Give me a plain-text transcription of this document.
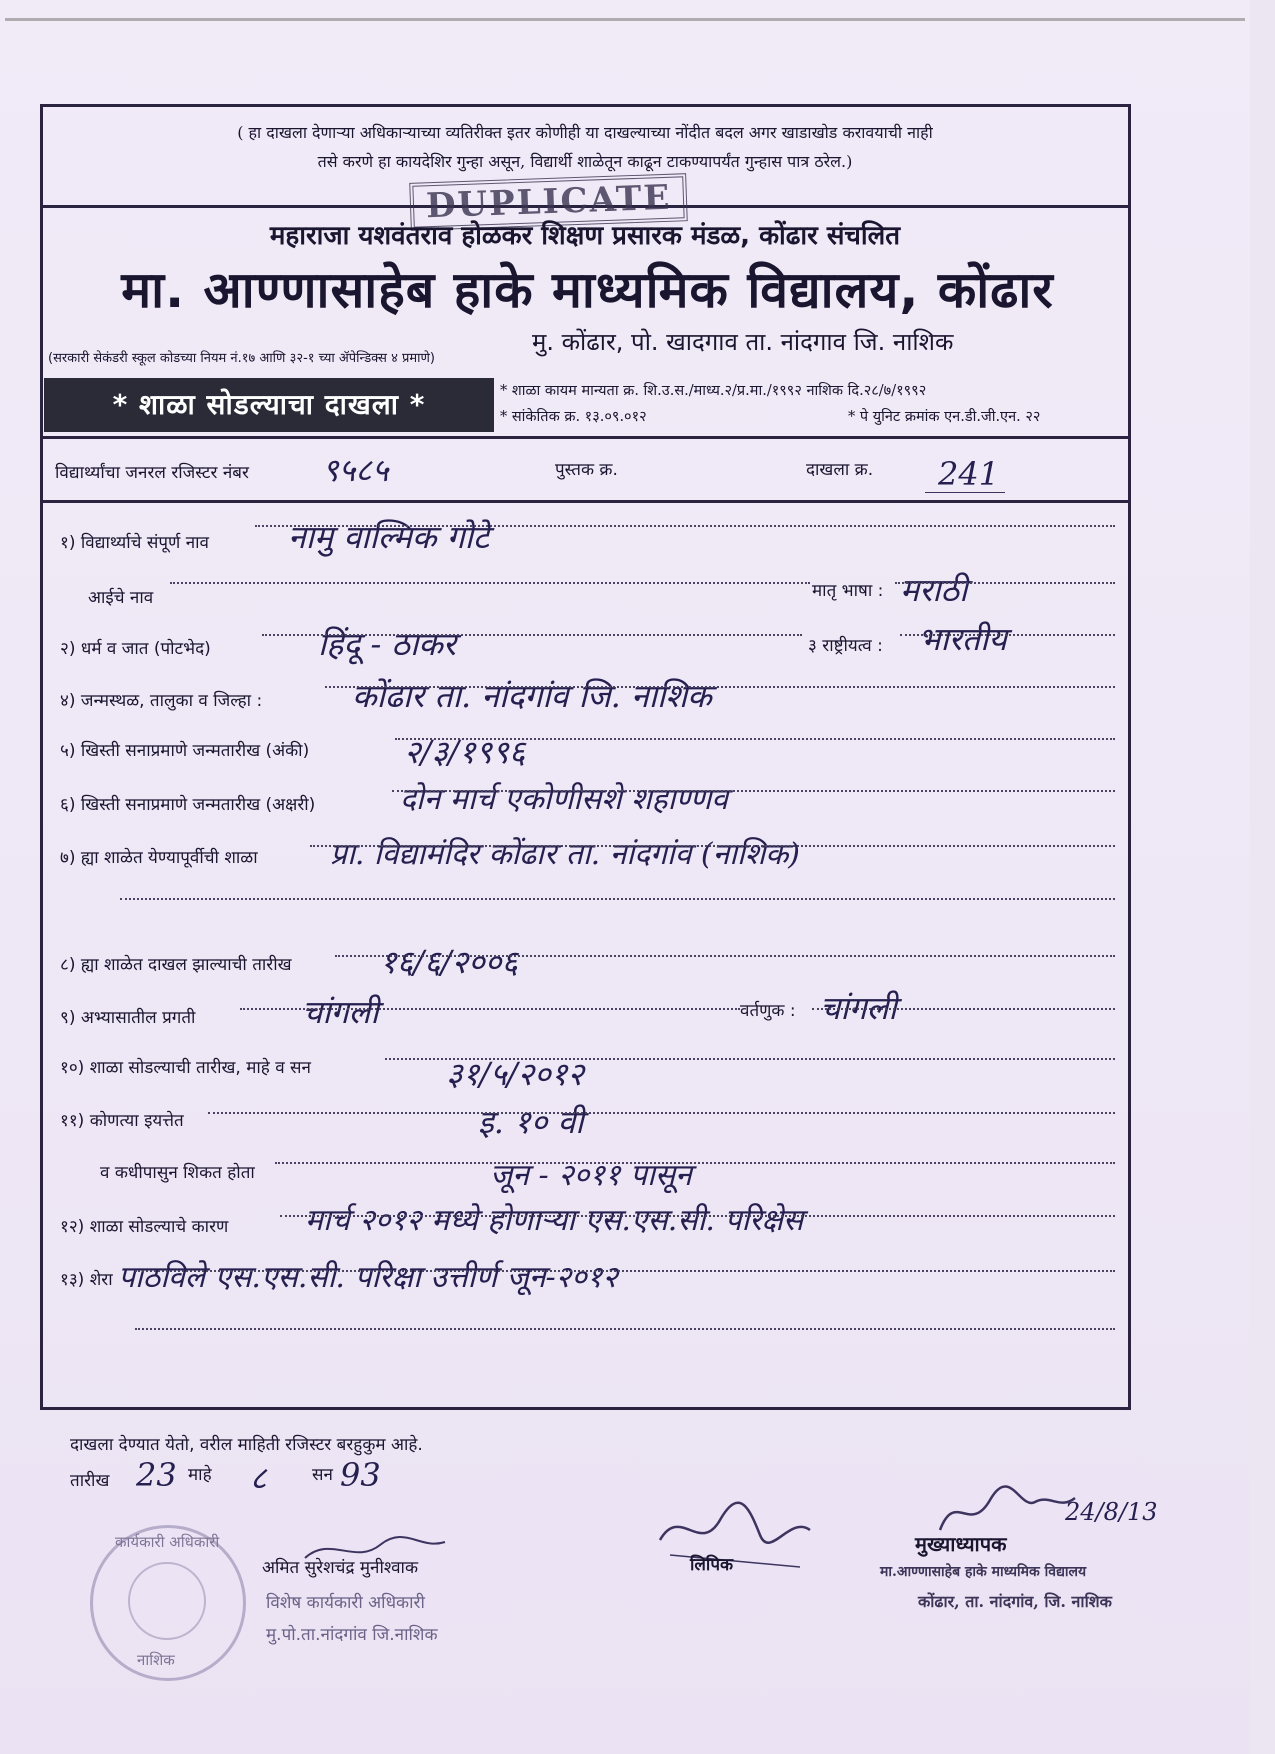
( हा दाखला देणाऱ्या अधिकाऱ्याच्या व्यतिरीक्त इतर कोणीही या दाखल्याच्या नोंदीत बदल अगर खाडाखोड करावयाची नाही
तसे करणे हा कायदेशिर गुन्हा असून, विद्यार्थी शाळेतून काढून टाकण्यापर्यंत गुन्हास पात्र ठरेल.)
DUPLICATE
महाराजा यशवंतराव होळकर शिक्षण प्रसारक मंडळ, कोंढार संचलित
मा. आण्णासाहेब हाके माध्यमिक विद्यालय, कोंढार
(सरकारी सेकंडरी स्कूल कोडच्या नियम नं.१७ आणि ३२-१ च्या ॲपेन्डिक्स ४ प्रमाणे)
मु. कोंढार, पो. खादगाव ता. नांदगाव जि. नाशिक
* शाळा सोडल्याचा दाखला *	* शाळा कायम मान्यता क्र. शि.उ.स./माध्य.२/प्र.मा./१९९२ नाशिक दि.२८/७/१९९२
* सांकेतिक क्र. १३.०९.०१२	* पे युनिट क्रमांक एन.डी.जी.एन. २२
विद्यार्थ्यांचा जनरल रजिस्टर नंबर ९५८५	पुस्तक क्र.	दाखला क्र. 241
१) विद्यार्थ्याचे संपूर्ण नाव नामु वाल्मिक गोटे
आईचे नाव	मातृ भाषा : मराठी
२) धर्म व जात (पोटभेद)	हिंदू - ठाकर	३ राष्ट्रीयत्व : भारतीय
४) जन्मस्थळ, तालुका व जिल्हा :	कोंढार ता. नांदगांव जि. नाशिक
५) खिस्ती सनाप्रमाणे जन्मतारीख (अंकी)	२/३/१९९६
६) खिस्ती सनाप्रमाणे जन्मतारीख (अक्षरी)	दोन मार्च एकोणीसशे शहाण्णव
७) ह्या शाळेत येण्यापूर्वीची शाळा प्रा. विद्यामंदिर कोंढार ता. नांदगांव (नाशिक)
८) ह्या शाळेत दाखल झाल्याची तारीख	१६/६/२००६
९) अभ्यासातील प्रगती	चांगली	वर्तणुक : चांगली
१०) शाळा सोडल्याची तारीख, माहे व सन	३१/५/२०१२
११) कोणत्या इयत्तेत	इ. १० वी
व कधीपासुन शिकत होता	जून - २०११ पासून
१२) शाळा सोडल्याचे कारण	मार्च २०१२ मध्ये होणाऱ्या एस.एस.सी. परिक्षेस
१३) शेरा पाठविले एस.एस.सी. परिक्षा उत्तीर्ण जून-२०१२
दाखला देण्यात येतो, वरील माहिती रजिस्टर बरहुकुम आहे.
तारीख 23 माहे ८	सन 93
कार्यकारी अधिकारी
नाशिक
अमित सुरेशचंद्र मुनीश्वाक
विशेष कार्यकारी अधिकारी
मु.पो.ता.नांदगांव जि.नाशिक
लिपिक
24/8/13
मुख्याध्यापक
मा.आण्णासाहेब हाके माध्यमिक विद्यालय
कोंढार, ता. नांदगांव, जि. नाशिक
